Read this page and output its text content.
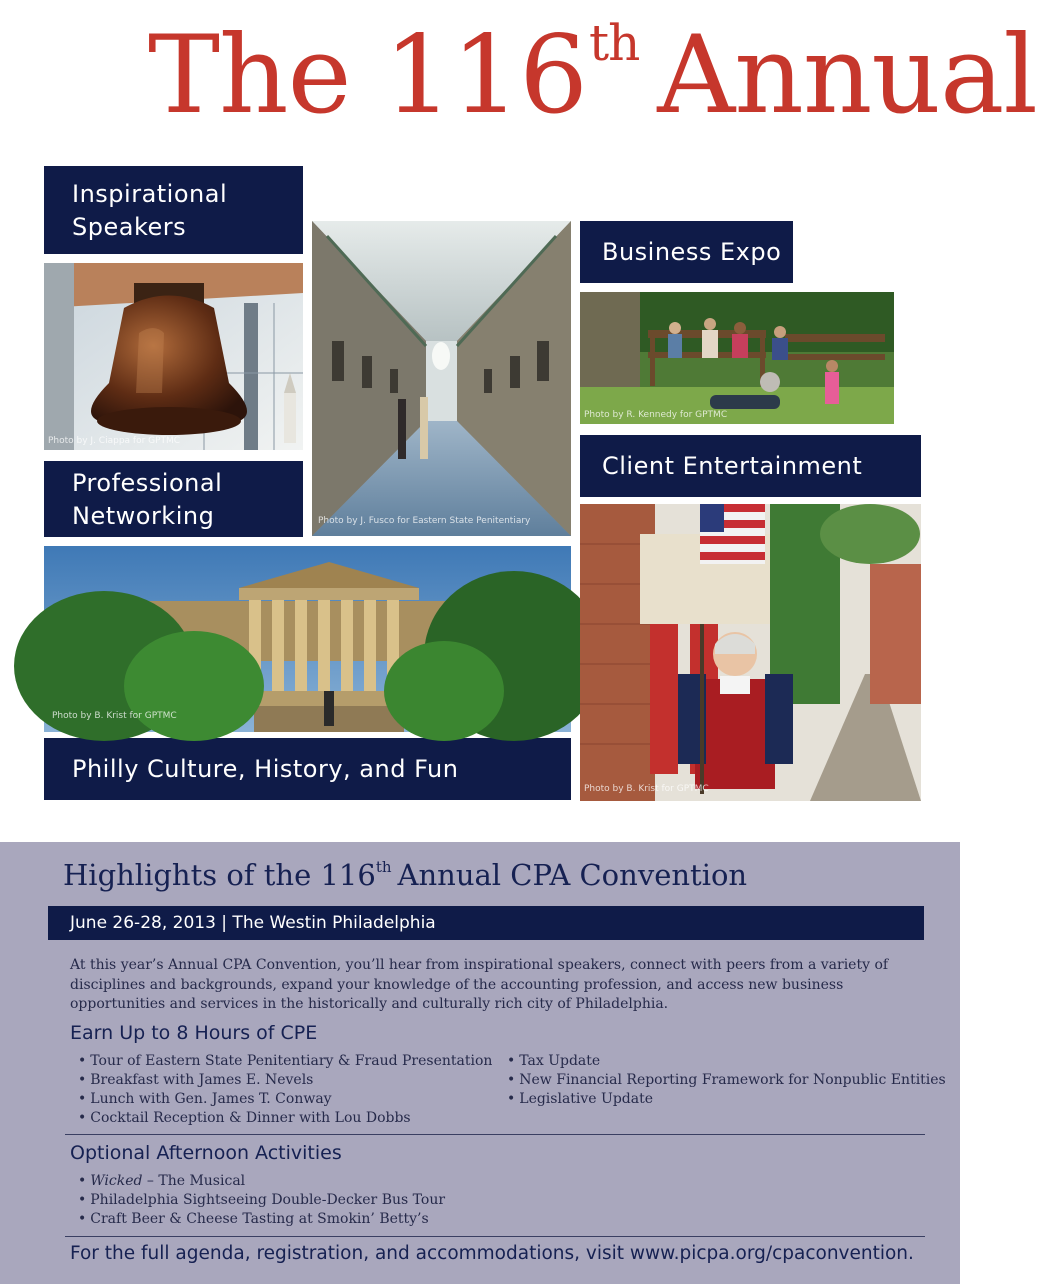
The 116th Annual
Inspirational
Speakers
Business Expo
Professional
Networking
Client Entertainment
Philly Culture, History, and Fun
Photo by J. Ciappa for GPTMC
Photo by J. Fusco for Eastern State Penitentiary
Photo by R. Kennedy for GPTMC
Photo by B. Krist for GPTMC
Photo by B. Krist for GPTMC
Highlights of the 116th Annual CPA Convention
June 26-28, 2013 | The Westin Philadelphia
At this year’s Annual CPA Convention, you’ll hear from inspirational speakers, connect with peers from a variety of disciplines and backgrounds, expand your knowledge of the accounting profession, and access new business opportunities and services in the historically and culturally rich city of Philadelphia.
Earn Up to 8 Hours of CPE
• Tour of Eastern State Penitentiary & Fraud Presentation
• Breakfast with James E. Nevels
• Lunch with Gen. James T. Conway
• Cocktail Reception & Dinner with Lou Dobbs
• Tax Update
• New Financial Reporting Framework for Nonpublic Entities
• Legislative Update
Optional Afternoon Activities
• Wicked – The Musical
• Philadelphia Sightseeing Double-Decker Bus Tour
• Craft Beer & Cheese Tasting at Smokin’ Betty’s
For the full agenda, registration, and accommodations, visit www.picpa.org/cpaconvention.
